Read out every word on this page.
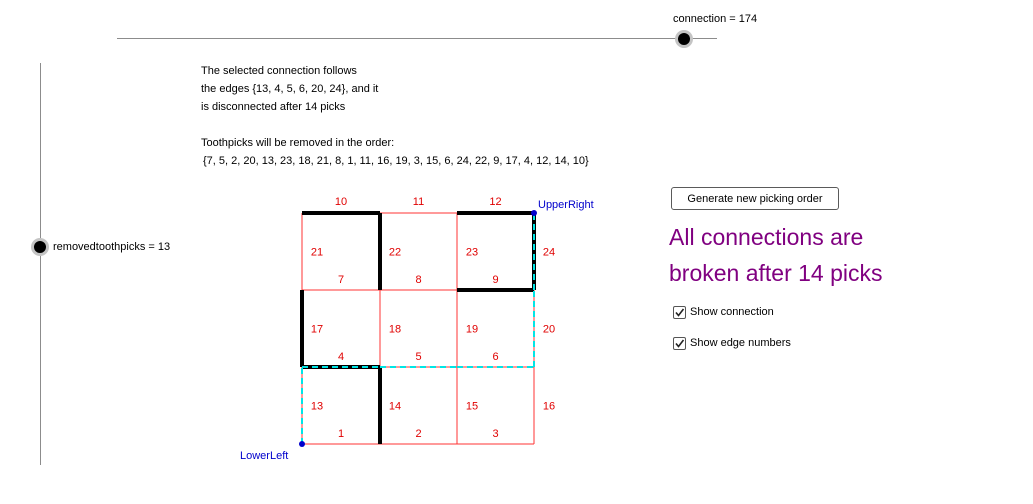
connection = 174
removedtoothpicks = 13
The selected connection follows
the edges {13, 4, 5, 6, 20, 24}, and it
is disconnected after 14 picks
Toothpicks will be removed in the order:
{7, 5, 2, 20, 13, 23, 18, 21, 8, 1, 11, 16, 19, 3, 15, 6, 24, 22, 9, 17, 4, 12, 14, 10}
1	2	3
4	5	6
7	8	9
10	11	12
13	14	15	16
17	18	19	20
21	22	23	24
UpperRight
LowerLeft
Generate new picking order
All connections are
broken after 14 picks
Show connection
Show edge numbers
